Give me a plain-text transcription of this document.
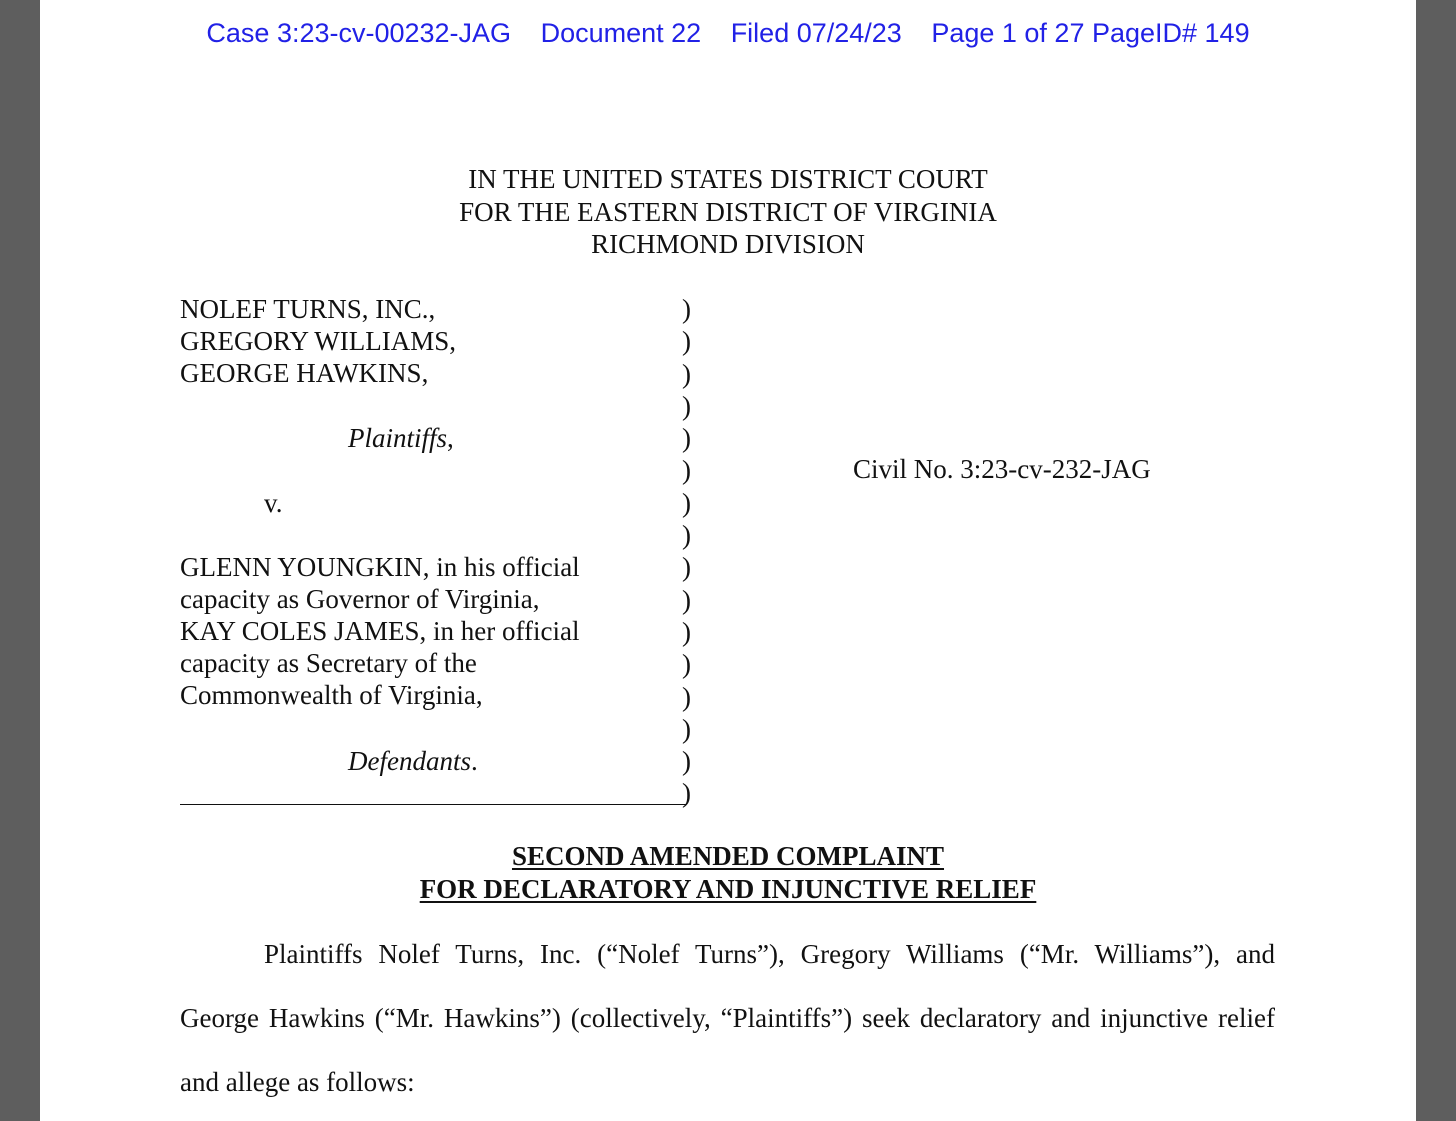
Case 3:23-cv-00232-JAG Document 22 Filed 07/24/23 Page 1 of 27 PageID# 149
IN THE UNITED STATES DISTRICT COURT
FOR THE EASTERN DISTRICT OF VIRGINIA
RICHMOND DIVISION
NOLEF TURNS, INC.,
GREGORY WILLIAMS,
GEORGE HAWKINS,
Plaintiffs,
v.
GLENN YOUNGKIN, in his official
capacity as Governor of Virginia,
KAY COLES JAMES, in her official
capacity as Secretary of the
Commonwealth of Virginia,
Defendants.
)
)
)
)
)
)
)
)
)
)
)
)
)
)
)
)
Civil No. 3:23-cv-232-JAG
SECOND AMENDED COMPLAINT
FOR DECLARATORY AND INJUNCTIVE RELIEF
Plaintiffs Nolef Turns, Inc. (“Nolef Turns”), Gregory Williams (“Mr. Williams”), and
George Hawkins (“Mr. Hawkins”) (collectively, “Plaintiffs”) seek declaratory and injunctive relief
and allege as follows:
